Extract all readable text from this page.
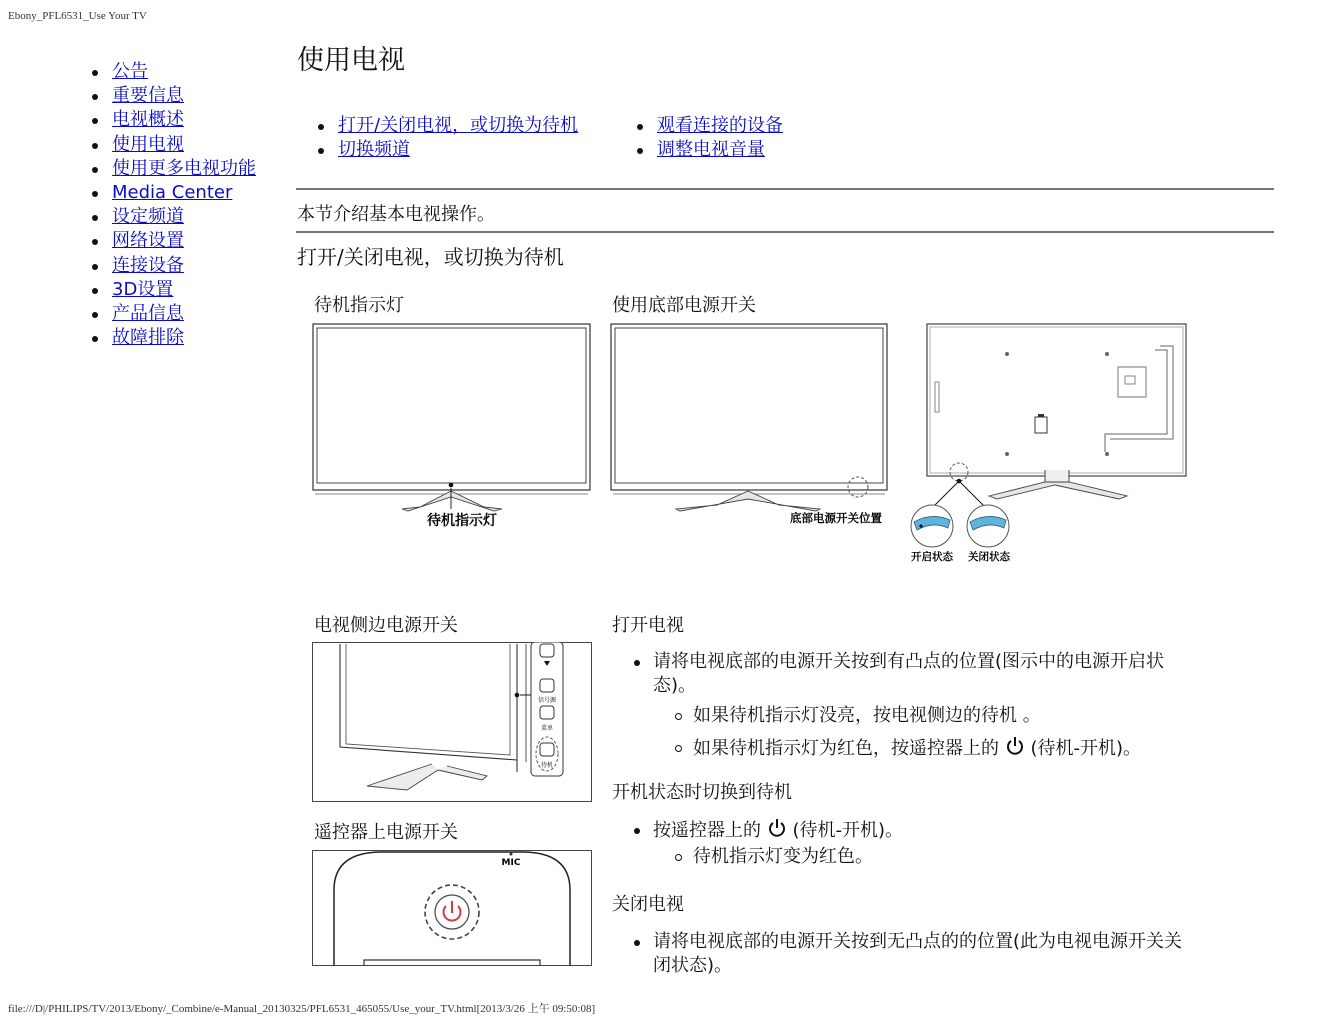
Ebony_PFL6531_Use Your TV
公告
重要信息
电视概述
使用电视
使用更多电视功能
Media Center
设定频道
网络设置
连接设备
3D设置
产品信息
故障排除
使用电视
打开/关闭电视，或切换为待机
切换频道
观看连接的设备
调整电视音量
本节介绍基本电视操作。
打开/关闭电视，或切换为待机
待机指示灯	使用底部电源开关
待机指示灯	底部电源开关位置
开启状态 关闭状态
电视侧边电源开关
信号源
菜单
待机
遥控器上电源开关
MIC
打开电视
请将电视底部的电源开关按到有凸点的位置(图示中的电源开启状态)。
如果待机指示灯没亮，按电视侧边的待机 。
如果待机指示灯为红色，按遥控器上的 (待机-开机)。
开机状态时切换到待机
按遥控器上的 (待机-开机)。
待机指示灯变为红色。
关闭电视
请将电视底部的电源开关按到无凸点的的位置(此为电视电源开关关闭状态)。
file:///D|/PHILIPS/TV/2013/Ebony/_Combine/e-Manual_20130325/PFL6531_465055/Use_your_TV.html[2013/3/26 上午 09:50:08]
